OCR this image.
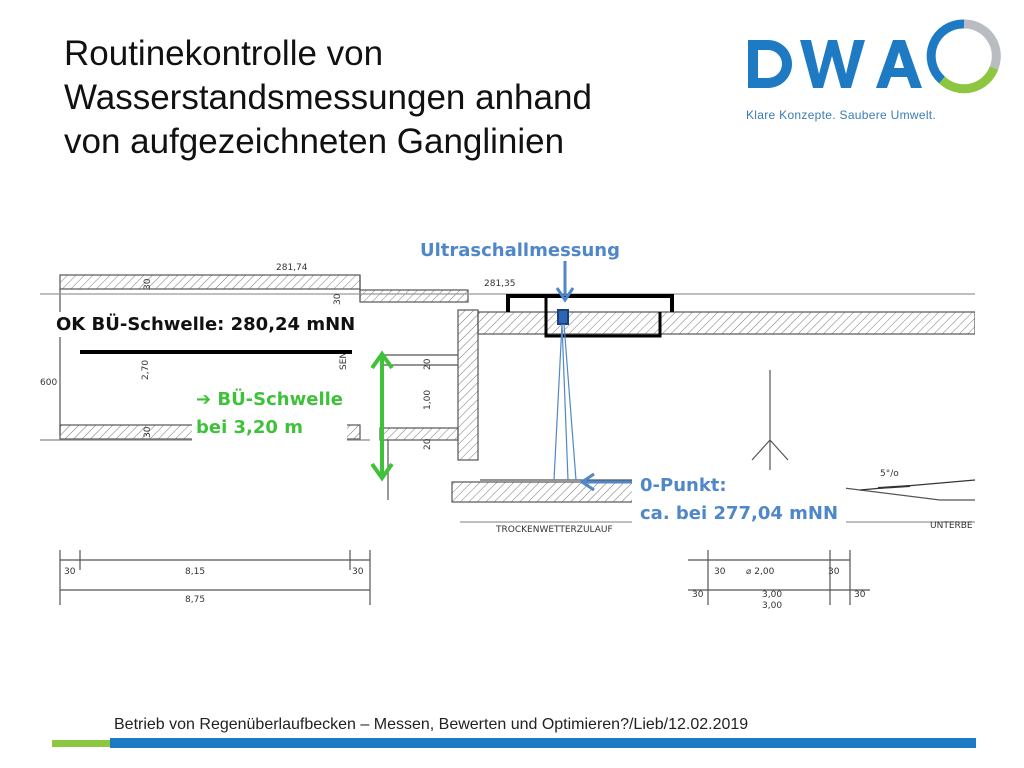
Routinekontrolle von
Wasserstandsmessungen anhand
von aufgezeichneten Ganglinien
Klare Konzepte. Saubere Umwelt.
281,74
281,35
2,70
30
30
30
20
1,00
20
600
SEN
8,15
8,75
30	30	⌀ 2,00
30	30
3,00
3,00
30	30
5°/o
TROCKENWETTERZULAUF	UNTERBE
OK BÜ-Schwelle: 280,24 mNN
Ultraschallmessung
➔ BÜ-Schwelle
bei 3,20 m
0-Punkt:
ca. bei 277,04 mNN
Betrieb von Regenüberlaufbecken – Messen, Bewerten und Optimieren?/Lieb/12.02.2019
